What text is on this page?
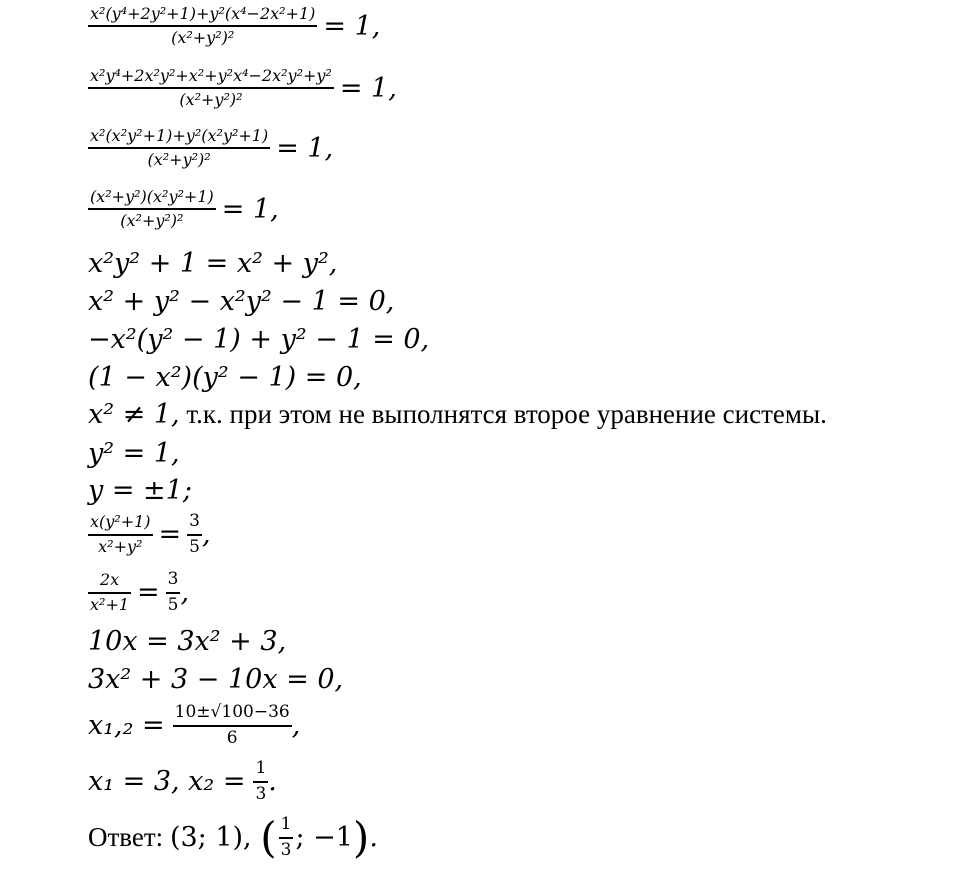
$\frac{\text{x²(y⁴+2y²+1)+y²(x⁴−2x²+1)}}{\text{(x²+y²)²}} = 1$,
$\frac{\text{x²y⁴+2x²y²+x²+y²x⁴−2x²y²+y²}}{\text{(x²+y²)²}} = 1$,
$\frac{\text{x²(x²y²+1)+y²(x²y²+1)}}{\text{(x²+y²)²}} = 1$,
$\frac{\text{(x²+y²)(x²y²+1)}}{\text{(x²+y²)²}} = 1$,
x²y² + 1 = x² + y²,
x² + y² − x²y² − 1 = 0,
−x²(y² − 1) + y² − 1 = 0,
(1 − x²)(y² − 1) = 0,
x² ≠ 1, т.к. при этом не выполнятся второе уравнение системы.
y² = 1,
y = ±1;
$\frac{\text{x(y²+1)}}{\text{x²+y²}} = \frac{3}{5}$ ,
$\frac{2x}{\text{x²+1}} = \frac{3}{5}$ ,
10x = 3x² + 3,
3x² + 3 − 10x = 0,
$x_1,_2 = \frac{10\pm√100-36}{6}$ ,
x₁ = 3, $x_2 = \frac{1}{3}$ .
Ответ: (3; 1), ( $\frac{1}{3}$ ; −1 ) .
